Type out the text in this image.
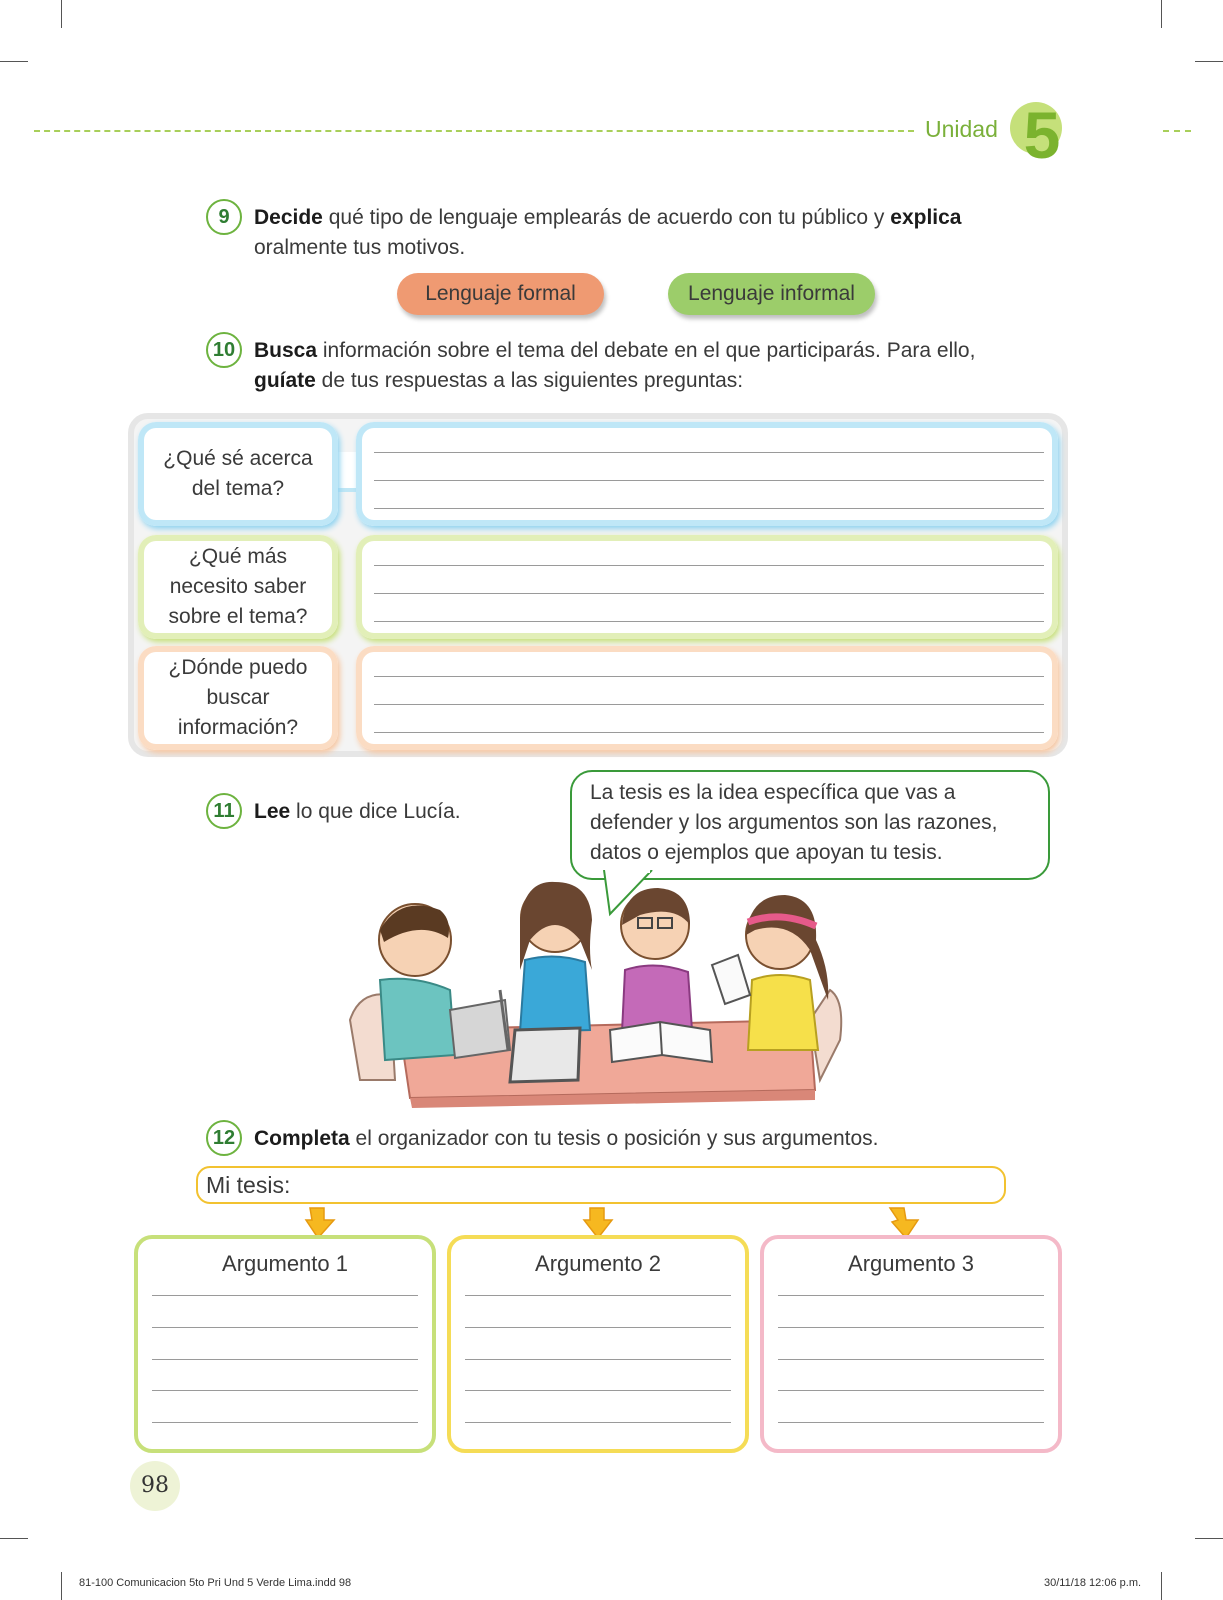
Unidad 5
9	Decide qué tipo de lenguaje emplearás de acuerdo con tu público y explica
oralmente tus motivos.
Lenguaje formal	Lenguaje informal
10 Busca información sobre el tema del debate en el que participarás. Para ello,
guíate de tus respuestas a las siguientes preguntas:
¿Qué sé acerca del tema?
¿Qué más necesito saber sobre el tema?
¿Dónde puedo buscar información?
11 Lee lo que dice Lucía.
La tesis es la idea específica que vas a defender y los argumentos son las razones, datos o ejemplos que apoyan tu tesis.
12 Completa el organizador con tu tesis o posición y sus argumentos.
Mi tesis:
Argumento 1	Argumento 2	Argumento 3
98
81-100 Comunicacion 5to Pri Und 5 Verde Lima.indd 98	30/11/18 12:06 p.m.
